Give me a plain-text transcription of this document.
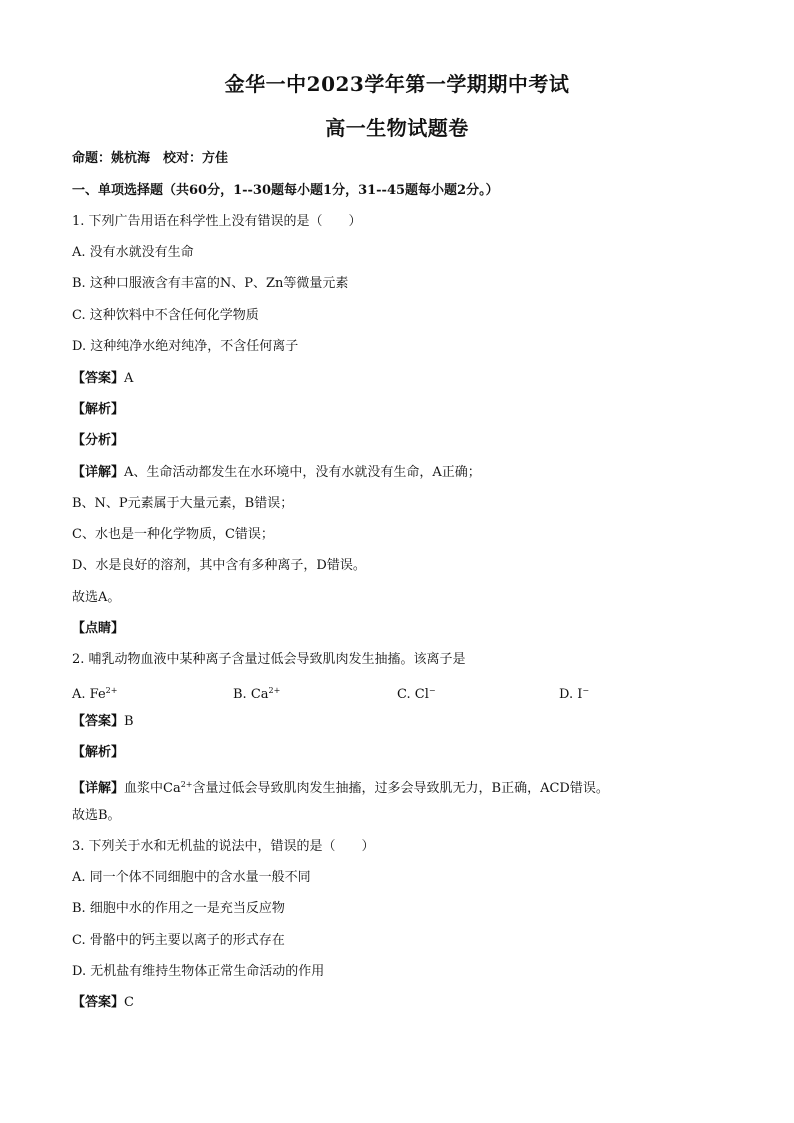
金华一中2023学年第一学期期中考试
高一生物试题卷
命题：姚杭海　校对：方佳
一、单项选择题（共60分，1--30题每小题1分，31--45题每小题2分。）
1. 下列广告用语在科学性上没有错误的是（　　）
A. 没有水就没有生命
B. 这种口服液含有丰富的N、P、Zn等微量元素
C. 这种饮料中不含任何化学物质
D. 这种纯净水绝对纯净，不含任何离子
【答案】A
【解析】
【分析】
【详解】A、生命活动都发生在水环境中，没有水就没有生命，A正确；
B、N、P元素属于大量元素，B错误；
C、水也是一种化学物质，C错误；
D、水是良好的溶剂，其中含有多种离子，D错误。
故选A。
【点睛】
2. 哺乳动物血液中某种离子含量过低会导致肌肉发生抽搐。该离子是
A. $Fe^{2+}$	B. $Ca^{2+}$	C. Cl−	D. I−
【答案】B
【解析】
【详解】血浆中$Ca^{2+}$含量过低会导致肌肉发生抽搐，过多会导致肌无力，B正确，ACD错误。
故选B。
3. 下列关于水和无机盐的说法中，错误的是（　　）
A. 同一个体不同细胞中的含水量一般不同
B. 细胞中水的作用之一是充当反应物
C. 骨骼中的钙主要以离子的形式存在
D. 无机盐有维持生物体正常生命活动的作用
【答案】C
